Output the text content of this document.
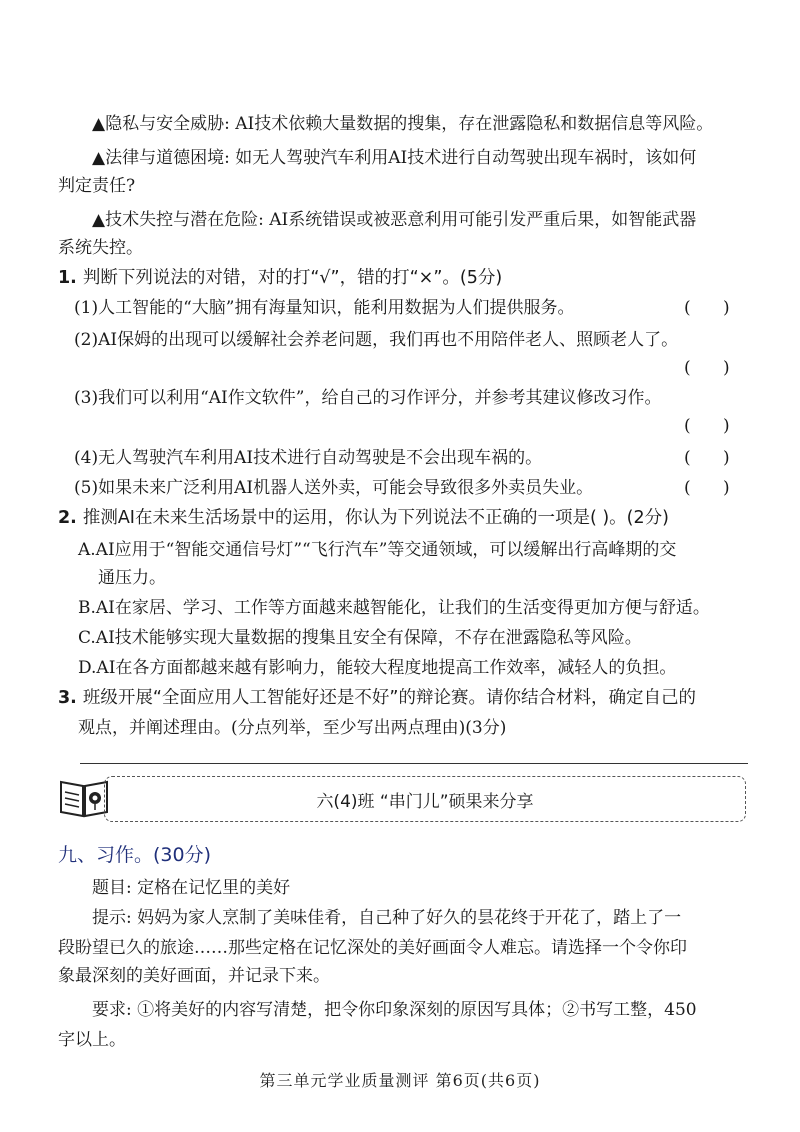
▲隐私与安全威胁: AI技术依赖大量数据的搜集，存在泄露隐私和数据信息等风险。
▲法律与道德困境: 如无人驾驶汽车利用AI技术进行自动驾驶出现车祸时，该如何
判定责任?
▲技术失控与潜在危险: AI系统错误或被恶意利用可能引发严重后果，如智能武器
系统失控。
1. 判断下列说法的对错，对的打“√”，错的打“×”。(5分)
(1)人工智能的“大脑”拥有海量知识，能利用数据为人们提供服务。	(      )
(2)AI保姆的出现可以缓解社会养老问题，我们再也不用陪伴老人、照顾老人了。
(      )
(3)我们可以利用“AI作文软件”，给自己的习作评分，并参考其建议修改习作。
(      )
(4)无人驾驶汽车利用AI技术进行自动驾驶是不会出现车祸的。	(      )
(5)如果未来广泛利用AI机器人送外卖，可能会导致很多外卖员失业。	(      )
2. 推测AI在未来生活场景中的运用，你认为下列说法不正确的一项是( )。(2分)
A.AI应用于“智能交通信号灯”“飞行汽车”等交通领域，可以缓解出行高峰期的交
通压力。
B.AI在家居、学习、工作等方面越来越智能化，让我们的生活变得更加方便与舒适。
C.AI技术能够实现大量数据的搜集且安全有保障，不存在泄露隐私等风险。
D.AI在各方面都越来越有影响力，能较大程度地提高工作效率，减轻人的负担。
3. 班级开展“全面应用人工智能好还是不好”的辩论赛。请你结合材料，确定自己的
观点，并阐述理由。(分点列举，至少写出两点理由)(3分)
六(4)班 “串门儿”硕果来分享
九、习作。(30分)
题目: 定格在记忆里的美好
提示: 妈妈为家人烹制了美味佳肴，自己种了好久的昙花终于开花了，踏上了一
段盼望已久的旅途……那些定格在记忆深处的美好画面令人难忘。请选择一个令你印
象最深刻的美好画面，并记录下来。
要求: ①将美好的内容写清楚，把令你印象深刻的原因写具体；②书写工整，450
字以上。
第三单元学业质量测评 第6页(共6页)
